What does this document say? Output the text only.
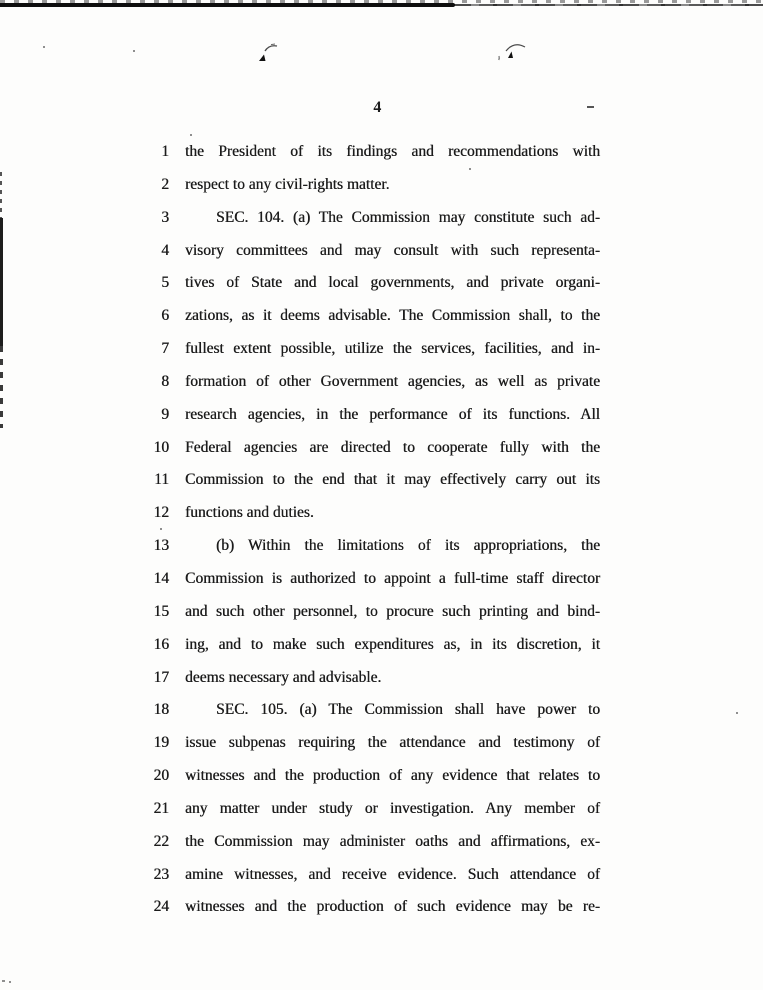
4
1 the President of its findings and recommendations with
2 respect to any civil-rights matter.
3	SEC. 104. (a) The Commission may constitute such ad-
4 visory committees and may consult with such representa-
5 tives of State and local governments, and private organi-
6 zations, as it deems advisable. The Commission shall, to the
7 fullest extent possible, utilize the services, facilities, and in-
8 formation of other Government agencies, as well as private
9 research agencies, in the performance of its functions. All
10 Federal agencies are directed to cooperate fully with the
11 Commission to the end that it may effectively carry out its
12 functions and duties.
13	(b) Within the limitations of its appropriations, the
14 Commission is authorized to appoint a full-time staff director
15 and such other personnel, to procure such printing and bind-
16 ing, and to make such expenditures as, in its discretion, it
17 deems necessary and advisable.
18	SEC. 105. (a) The Commission shall have power to
19 issue subpenas requiring the attendance and testimony of
20 witnesses and the production of any evidence that relates to
21 any matter under study or investigation. Any member of
22 the Commission may administer oaths and affirmations, ex-
23 amine witnesses, and receive evidence. Such attendance of
24 witnesses and the production of such evidence may be re-
